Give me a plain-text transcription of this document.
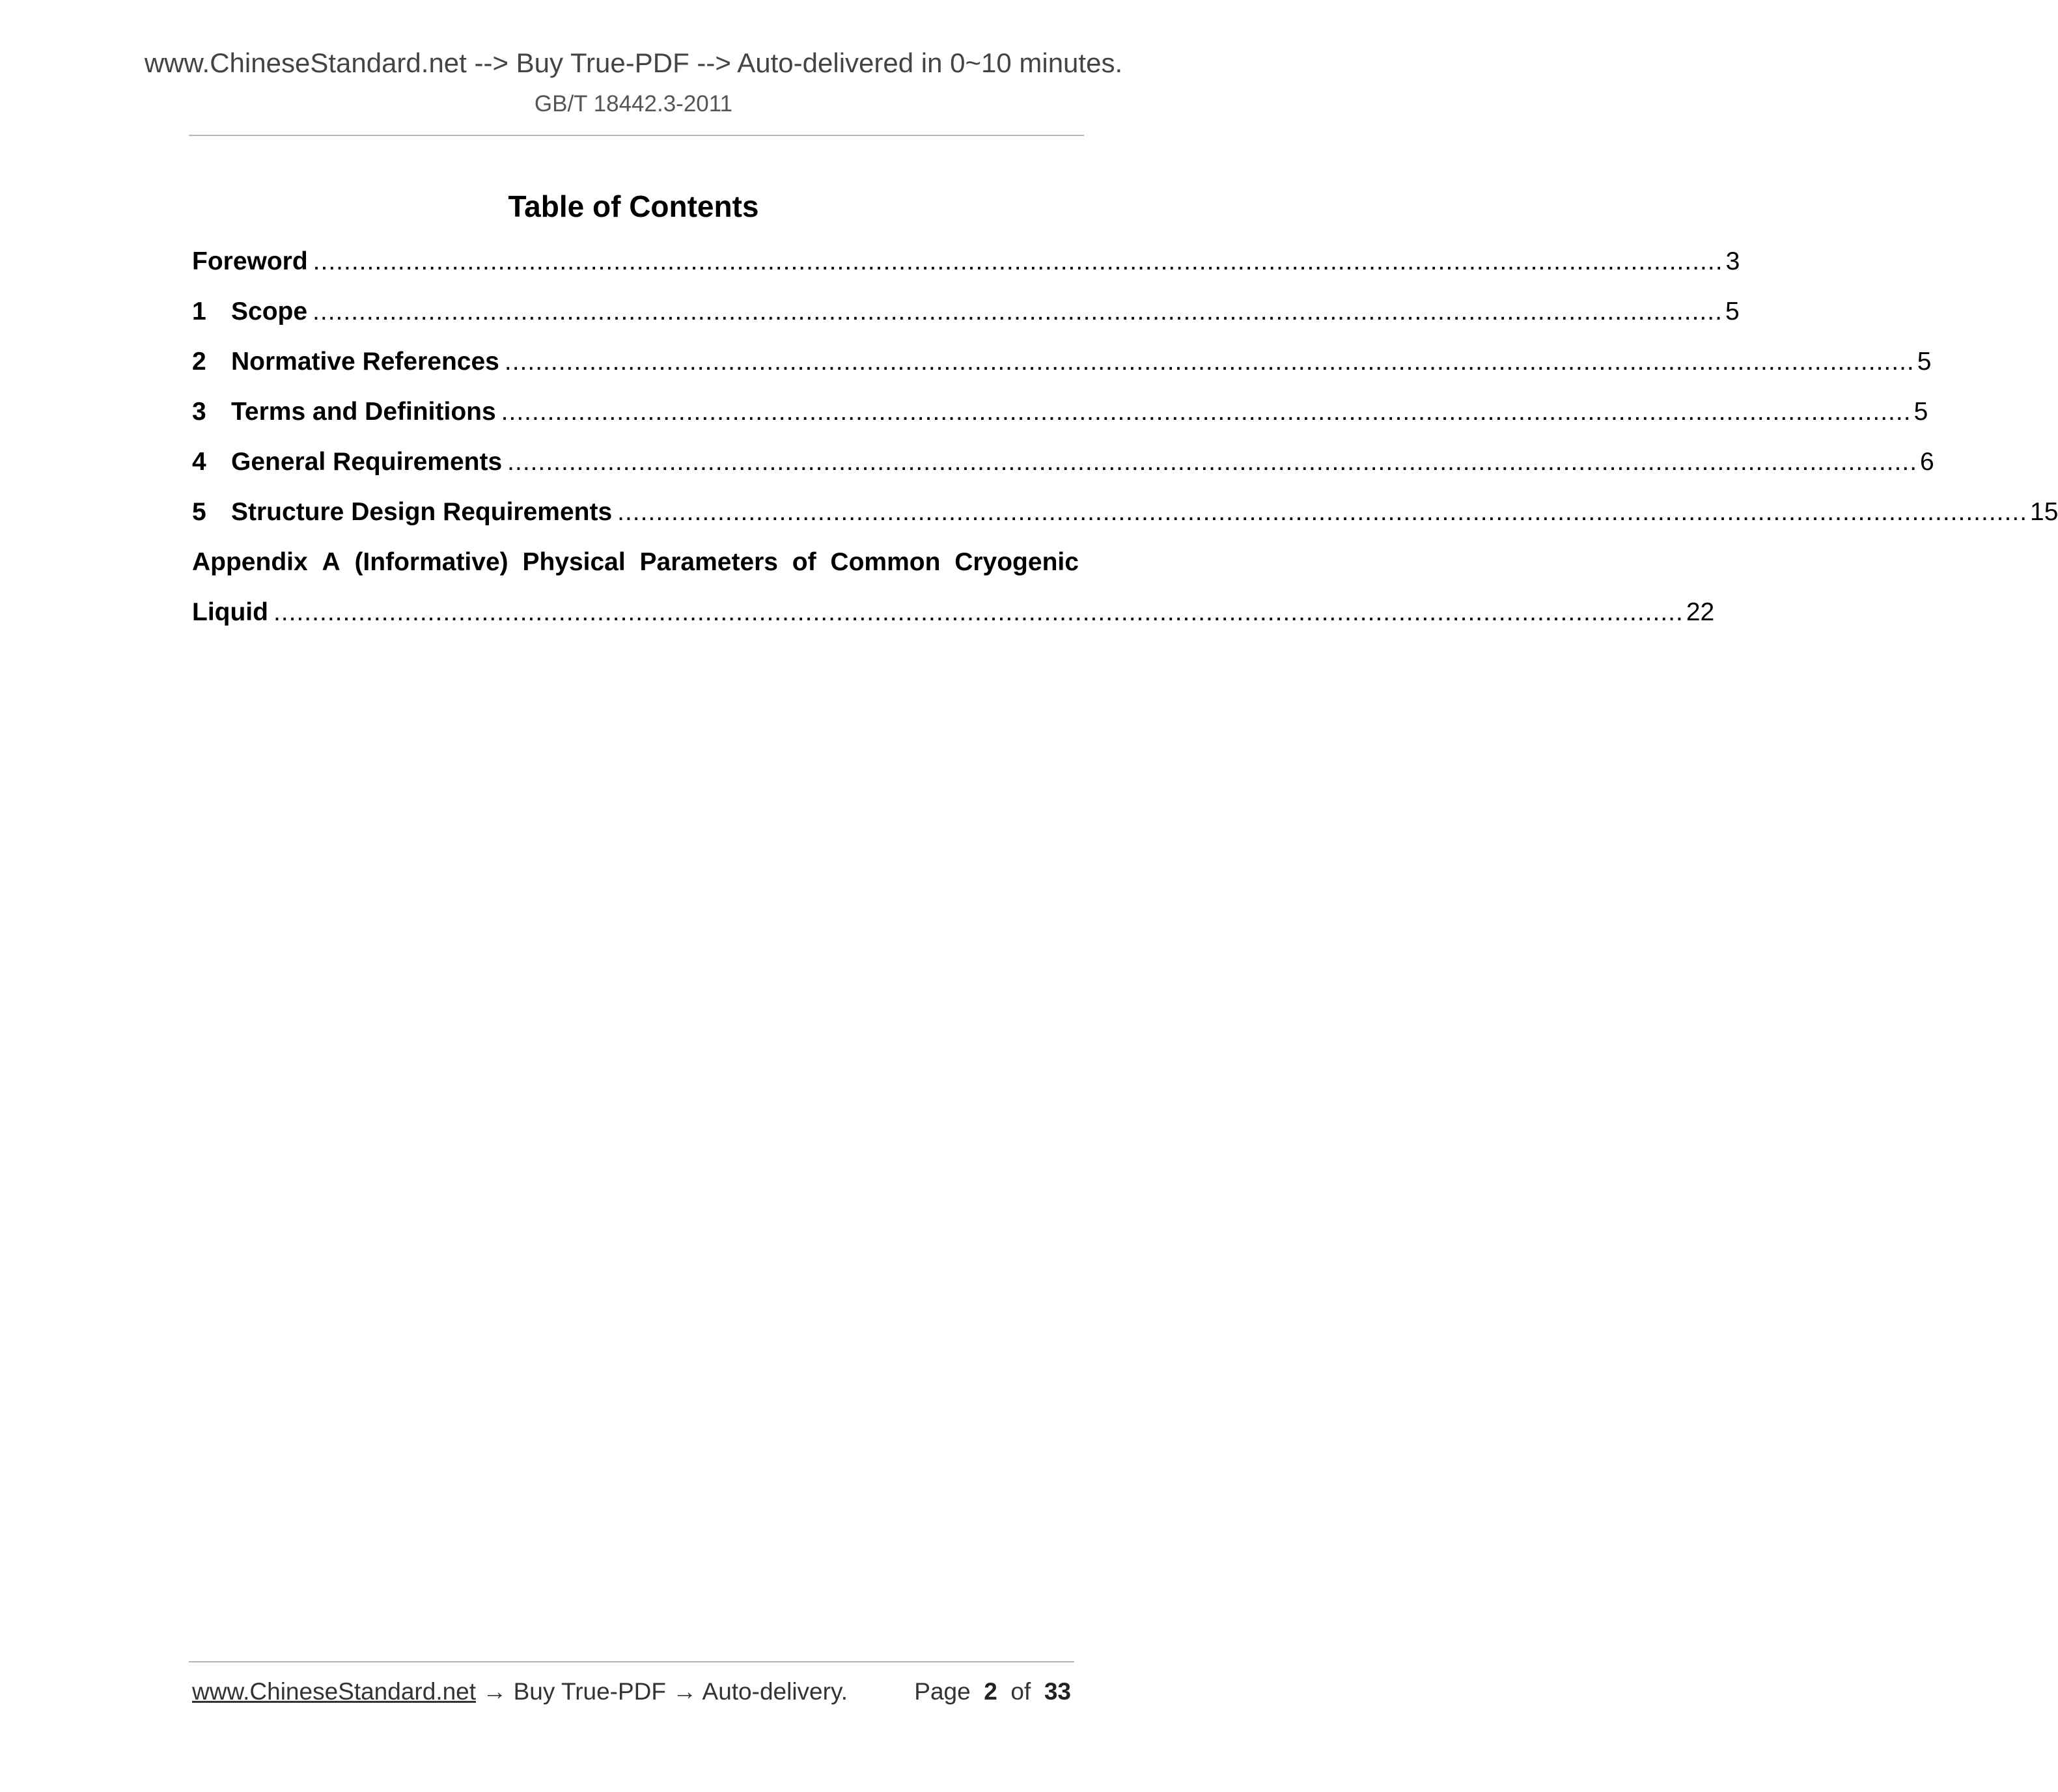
www.ChineseStandard.net --> Buy True-PDF --> Auto-delivered in 0~10 minutes.
GB/T 18442.3-2011
Table of Contents
Foreword ....................................................................................................................................................................................... 3
1 Scope ....................................................................................................................................................................................... 5
2 Normative References ....................................................................................................................................................................................... 5
3 Terms and Definitions ....................................................................................................................................................................................... 5
4 General Requirements ....................................................................................................................................................................................... 6
5 Structure Design Requirements ....................................................................................................................................................................................... 15
Appendix A (Informative) Physical Parameters of Common Cryogenic
Liquid ....................................................................................................................................................................................... 22
www.ChineseStandard.net → Buy True-PDF → Auto-delivery.	Page 2 of 33
